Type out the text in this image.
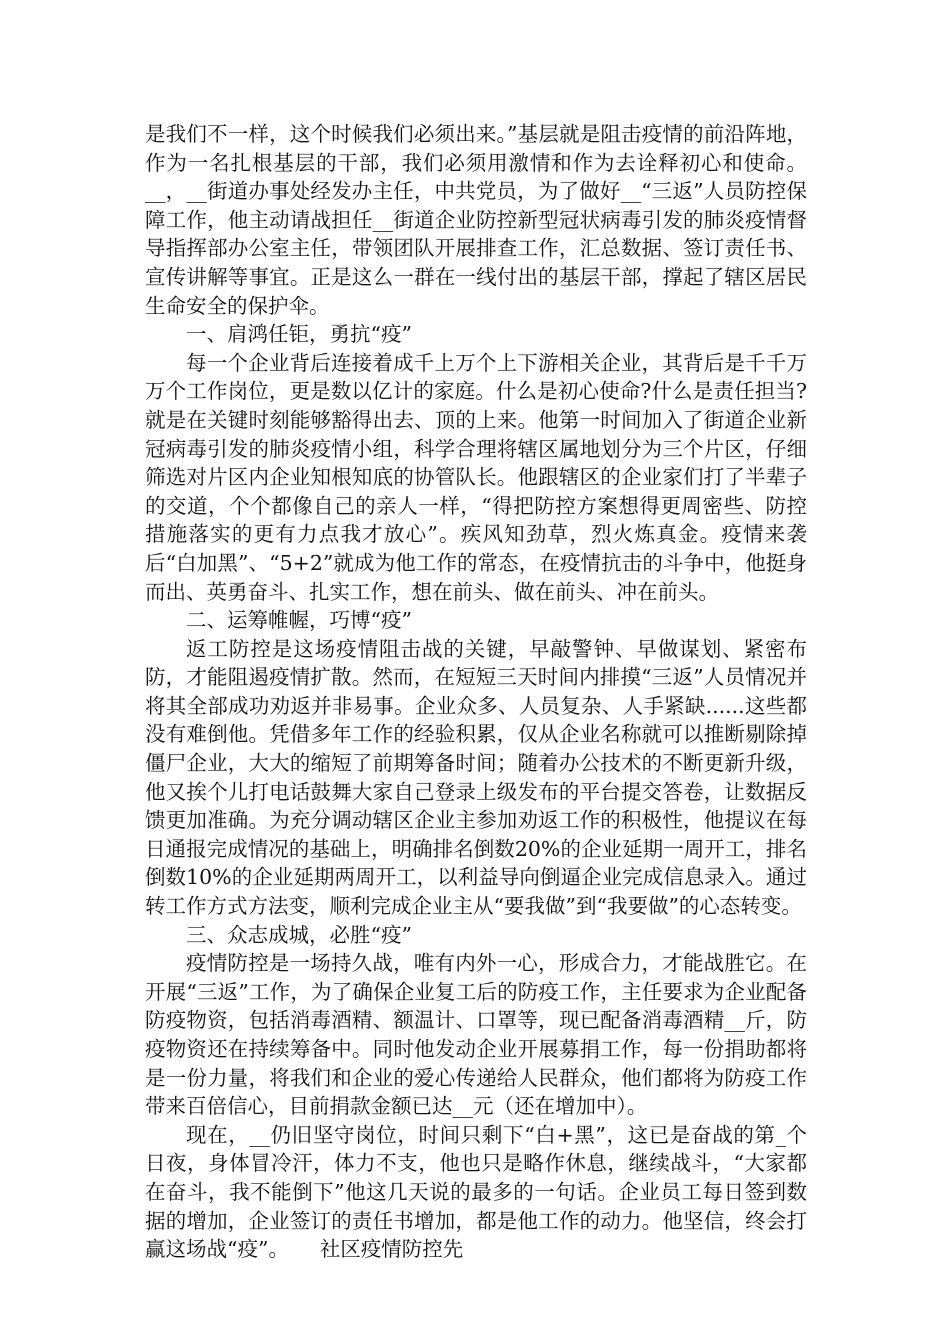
是我们不一样，这个时候我们必须出来。”基层就是阻击疫情的前沿阵地，作为一名扎根基层的干部，我们必须用激情和作为去诠释初心和使命。__，__街道办事处经发办主任，中共党员，为了做好__“三返”人员防控保障工作，他主动请战担任__街道企业防控新型冠状病毒引发的肺炎疫情督导指挥部办公室主任，带领团队开展排查工作，汇总数据、签订责任书、宣传讲解等事宜。正是这么一群在一线付出的基层干部，撑起了辖区居民生命安全的保护伞。

一、肩鸿任钜，勇抗“疫”

每一个企业背后连接着成千上万个上下游相关企业，其背后是千千万万个工作岗位，更是数以亿计的家庭。什么是初心使命?什么是责任担当?就是在关键时刻能够豁得出去、顶的上来。他第一时间加入了街道企业新冠病毒引发的肺炎疫情小组，科学合理将辖区属地划分为三个片区，仔细筛选对片区内企业知根知底的协管队长。他跟辖区的企业家们打了半辈子的交道，个个都像自己的亲人一样，“得把防控方案想得更周密些、防控措施落实的更有力点我才放心”。疾风知劲草，烈火炼真金。疫情来袭后“白加黑”、“5+2”就成为他工作的常态，在疫情抗击的斗争中，他挺身而出、英勇奋斗、扎实工作，想在前头、做在前头、冲在前头。

二、运筹帷幄，巧博“疫”

返工防控是这场疫情阻击战的关键，早敲警钟、早做谋划、紧密布防，才能阻遏疫情扩散。然而，在短短三天时间内排摸“三返”人员情况并将其全部成功劝返并非易事。企业众多、人员复杂、人手紧缺......这些都没有难倒他。凭借多年工作的经验积累，仅从企业名称就可以推断剔除掉僵尸企业，大大的缩短了前期筹备时间；随着办公技术的不断更新升级，他又挨个儿打电话鼓舞大家自己登录上级发布的平台提交答卷，让数据反馈更加准确。为充分调动辖区企业主参加劝返工作的积极性，他提议在每日通报完成情况的基础上，明确排名倒数20%的企业延期一周开工，排名倒数10%的企业延期两周开工，以利益导向倒逼企业完成信息录入。通过转工作方式方法变，顺利完成企业主从“要我做”到“我要做”的心态转变。

三、众志成城，必胜“疫”

疫情防控是一场持久战，唯有内外一心，形成合力，才能战胜它。在开展“三返”工作，为了确保企业复工后的防疫工作，主任要求为企业配备防疫物资，包括消毒酒精、额温计、口罩等，现已配备消毒酒精__斤，防疫物资还在持续筹备中。同时他发动企业开展募捐工作，每一份捐助都将是一份力量，将我们和企业的爱心传递给人民群众，他们都将为防疫工作带来百倍信心，目前捐款金额已达__元（还在增加中）。

现在，__仍旧坚守岗位，时间只剩下“白+黑”，这已是奋战的第_个日夜，身体冒冷汗，体力不支，他也只是略作休息，继续战斗，“大家都在奋斗，我不能倒下”他这几天说的最多的一句话。企业员工每日签到数据的增加，企业签订的责任书增加，都是他工作的动力。他坚信，终会打赢这场战“疫”。　　社区疫情防控先
